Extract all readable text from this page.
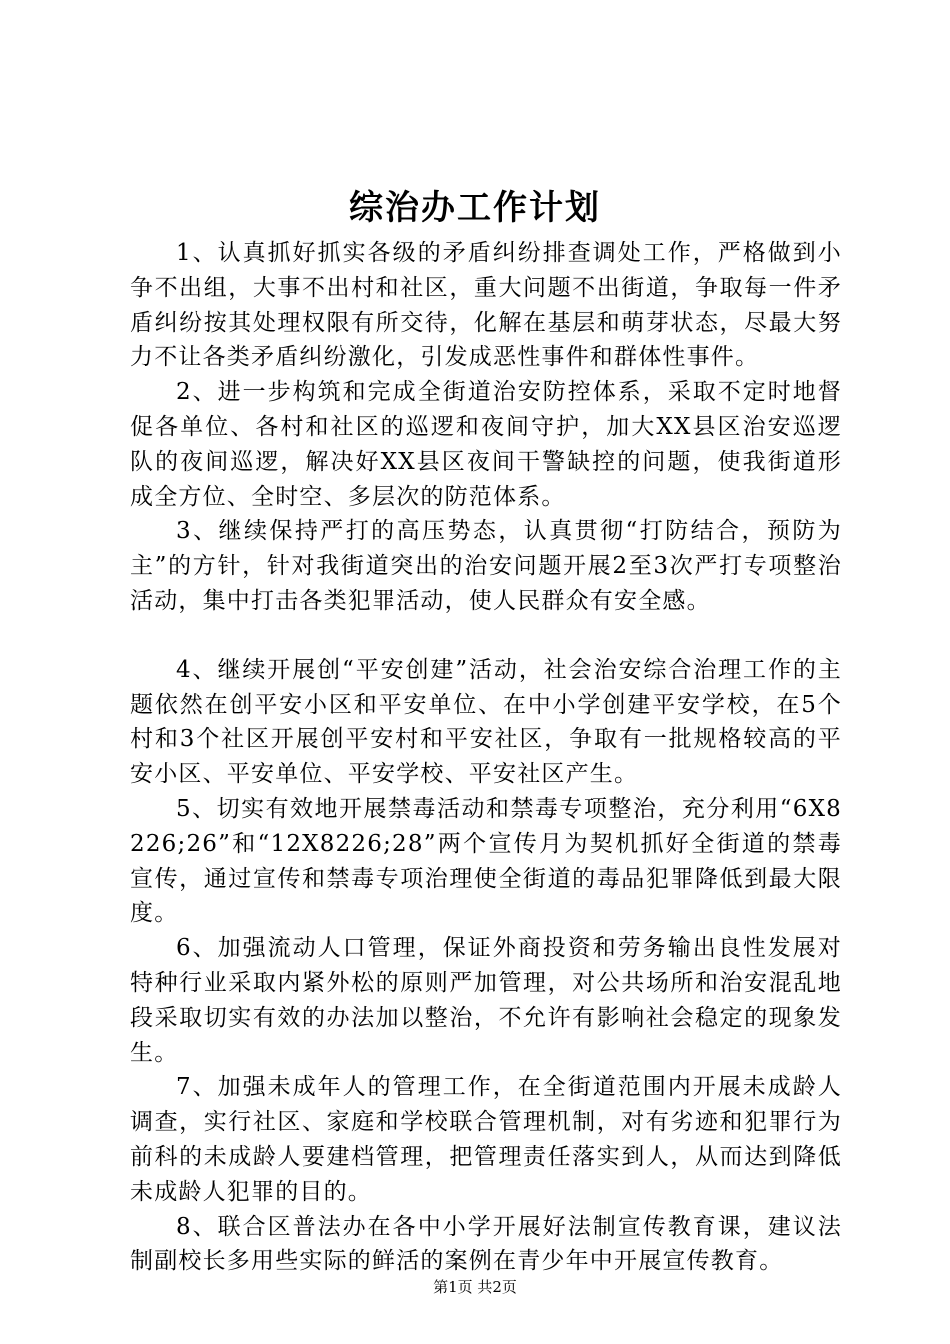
综治办工作计划

1、认真抓好抓实各级的矛盾纠纷排查调处工作，严格做到小争不出组，大事不出村和社区，重大问题不出街道，争取每一件矛盾纠纷按其处理权限有所交待，化解在基层和萌芽状态，尽最大努力不让各类矛盾纠纷激化，引发成恶性事件和群体性事件。

2、进一步构筑和完成全街道治安防控体系，采取不定时地督促各单位、各村和社区的巡逻和夜间守护，加大XX县区治安巡逻队的夜间巡逻，解决好XX县区夜间干警缺控的问题，使我街道形成全方位、全时空、多层次的防范体系。

3、继续保持严打的高压势态，认真贯彻“打防结合，预防为主”的方针，针对我街道突出的治安问题开展2至3次严打专项整治活动，集中打击各类犯罪活动，使人民群众有安全感。

4、继续开展创“平安创建”活动，社会治安综合治理工作的主题依然在创平安小区和平安单位、在中小学创建平安学校，在5个村和3个社区开展创平安村和平安社区，争取有一批规格较高的平安小区、平安单位、平安学校、平安社区产生。

5、切实有效地开展禁毒活动和禁毒专项整治，充分利用“6X8226;26”和“12X8226;28”两个宣传月为契机抓好全街道的禁毒宣传，通过宣传和禁毒专项治理使全街道的毒品犯罪降低到最大限度。

6、加强流动人口管理，保证外商投资和劳务输出良性发展对特种行业采取内紧外松的原则严加管理，对公共场所和治安混乱地段采取切实有效的办法加以整治，不允许有影响社会稳定的现象发生。

7、加强未成年人的管理工作，在全街道范围内开展未成龄人调查，实行社区、家庭和学校联合管理机制，对有劣迹和犯罪行为前科的未成龄人要建档管理，把管理责任落实到人，从而达到降低未成龄人犯罪的目的。

8、联合区普法办在各中小学开展好法制宣传教育课，建议法制副校长多用些实际的鲜活的案例在青少年中开展宣传教育。

第1页 共2页
